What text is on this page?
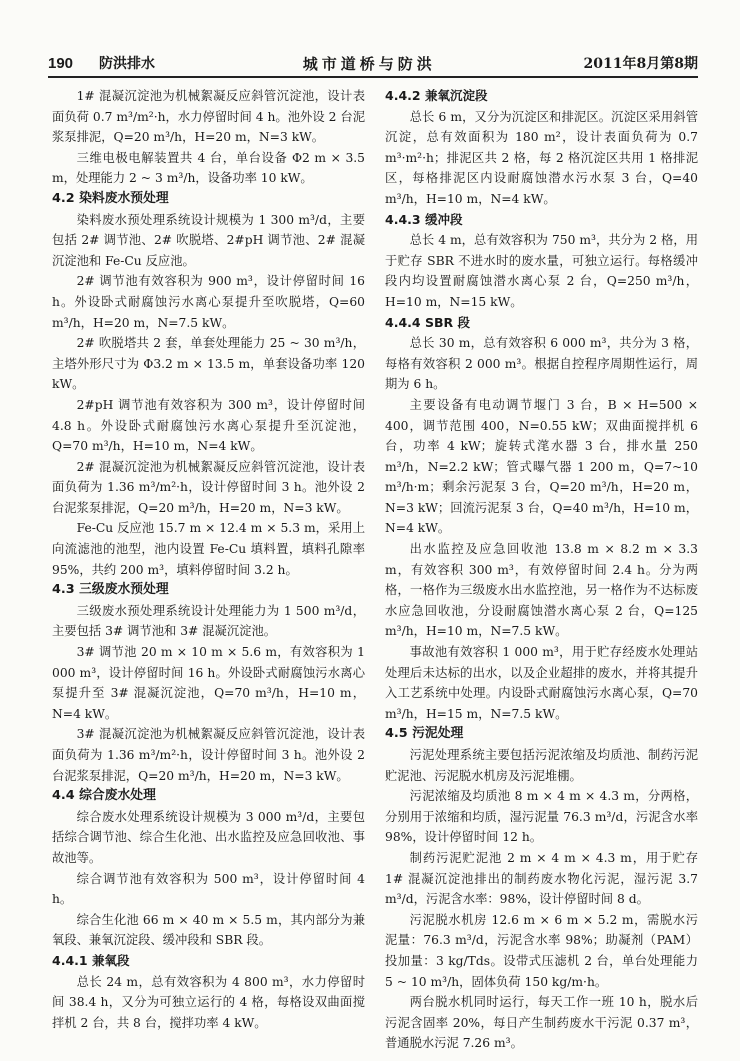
190 防洪排水	城市道桥与防洪	2011年8月第8期

1# 混凝沉淀池为机械絮凝反应斜管沉淀池，设计表面负荷 0.7 m³/m²·h，水力停留时间 4 h。池外设 2 台泥浆泵排泥，Q=20 m³/h，H=20 m，N=3 kW。

三维电极电解装置共 4 台，单台设备 Φ2 m × 3.5 m，处理能力 2 ~ 3 m³/h，设备功率 10 kW。

4.2 染料废水预处理

染料废水预处理系统设计规模为 1 300 m³/d，主要包括 2# 调节池、2# 吹脱塔、2#pH 调节池、2# 混凝沉淀池和 Fe-Cu 反应池。

2# 调节池有效容积为 900 m³，设计停留时间 16 h。外设卧式耐腐蚀污水离心泵提升至吹脱塔，Q=60 m³/h，H=20 m，N=7.5 kW。

2# 吹脱塔共 2 套，单套处理能力 25 ~ 30 m³/h，主塔外形尺寸为 Φ3.2 m × 13.5 m，单套设备功率 120 kW。

2#pH 调节池有效容积为 300 m³，设计停留时间 4.8 h。外设卧式耐腐蚀污水离心泵提升至沉淀池，Q=70 m³/h，H=10 m，N=4 kW。

2# 混凝沉淀池为机械絮凝反应斜管沉淀池，设计表面负荷为 1.36 m³/m²·h，设计停留时间 3 h。池外设 2 台泥浆泵排泥，Q=20 m³/h，H=20 m，N=3 kW。

Fe-Cu 反应池 15.7 m × 12.4 m × 5.3 m，采用上向流滤池的池型，池内设置 Fe-Cu 填料置，填料孔隙率 95%，共约 200 m³，填料停留时间 3.2 h。

4.3 三级废水预处理

三级废水预处理系统设计处理能力为 1 500 m³/d，主要包括 3# 调节池和 3# 混凝沉淀池。

3# 调节池 20 m × 10 m × 5.6 m，有效容积为 1 000 m³，设计停留时间 16 h。外设卧式耐腐蚀污水离心泵提升至 3# 混凝沉淀池，Q=70 m³/h，H=10 m，N=4 kW。

3# 混凝沉淀池为机械絮凝反应斜管沉淀池，设计表面负荷为 1.36 m³/m²·h，设计停留时间 3 h。池外设 2 台泥浆泵排泥，Q=20 m³/h，H=20 m，N=3 kW。

4.4 综合废水处理

综合废水处理系统设计规模为 3 000 m³/d，主要包括综合调节池、综合生化池、出水监控及应急回收池、事故池等。

综合调节池有效容积为 500 m³，设计停留时间 4 h。

综合生化池 66 m × 40 m × 5.5 m，其内部分为兼氧段、兼氧沉淀段、缓冲段和 SBR 段。

4.4.1 兼氧段

总长 24 m，总有效容积为 4 800 m³，水力停留时间 38.4 h，又分为可独立运行的 4 格，每格设双曲面搅拌机 2 台，共 8 台，搅拌功率 4 kW。

4.4.2 兼氧沉淀段

总长 6 m，又分为沉淀区和排泥区。沉淀区采用斜管沉淀，总有效面积为 180 m²，设计表面负荷为 0.7 m³·m²·h；排泥区共 2 格，每 2 格沉淀区共用 1 格排泥区，每格排泥区内设耐腐蚀潜水污水泵 3 台，Q=40 m³/h，H=10 m，N=4 kW。

4.4.3 缓冲段

总长 4 m，总有效容积为 750 m³，共分为 2 格，用于贮存 SBR 不进水时的废水量，可独立运行。每格缓冲段内均设置耐腐蚀潜水离心泵 2 台，Q=250 m³/h，H=10 m，N=15 kW。

4.4.4 SBR 段

总长 30 m，总有效容积 6 000 m³，共分为 3 格，每格有效容积 2 000 m³。根据自控程序周期性运行，周期为 6 h。

主要设备有电动调节堰门 3 台，B × H=500 × 400，调节范围 400，N=0.55 kW；双曲面搅拌机 6 台，功率 4 kW；旋转式滗水器 3 台，排水量 250 m³/h，N=2.2 kW；管式曝气器 1 200 m，Q=7~10 m³/h·m；剩余污泥泵 3 台，Q=20 m³/h，H=20 m，N=3 kW；回流污泥泵 3 台，Q=40 m³/h，H=10 m，N=4 kW。

出水监控及应急回收池 13.8 m × 8.2 m × 3.3 m，有效容积 300 m³，有效停留时间 2.4 h。分为两格，一格作为三级废水出水监控池，另一格作为不达标废水应急回收池，分设耐腐蚀潜水离心泵 2 台，Q=125 m³/h，H=10 m，N=7.5 kW。

事故池有效容积 1 000 m³，用于贮存经废水处理站处理后未达标的出水，以及企业超排的废水，并将其提升入工艺系统中处理。内设卧式耐腐蚀污水离心泵，Q=70 m³/h，H=15 m，N=7.5 kW。

4.5 污泥处理

污泥处理系统主要包括污泥浓缩及均质池、制药污泥贮泥池、污泥脱水机房及污泥堆棚。

污泥浓缩及均质池 8 m × 4 m × 4.3 m，分两格，分别用于浓缩和均质，湿污泥量 76.3 m³/d，污泥含水率 98%，设计停留时间 12 h。

制药污泥贮泥池 2 m × 4 m × 4.3 m，用于贮存 1# 混凝沉淀池排出的制药废水物化污泥，湿污泥 3.7 m³/d，污泥含水率：98%，设计停留时间 8 d。

污泥脱水机房 12.6 m × 6 m × 5.2 m，需脱水污泥量：76.3 m³/d，污泥含水率 98%；助凝剂（PAM）投加量：3 kg/Tds。设带式压滤机 2 台，单台处理能力 5 ~ 10 m³/h，固体负荷 150 kg/m·h。

两台脱水机同时运行，每天工作一班 10 h，脱水后污泥含固率 20%，每日产生制药废水干污泥 0.37 m³，普通脱水污泥 7.26 m³。
